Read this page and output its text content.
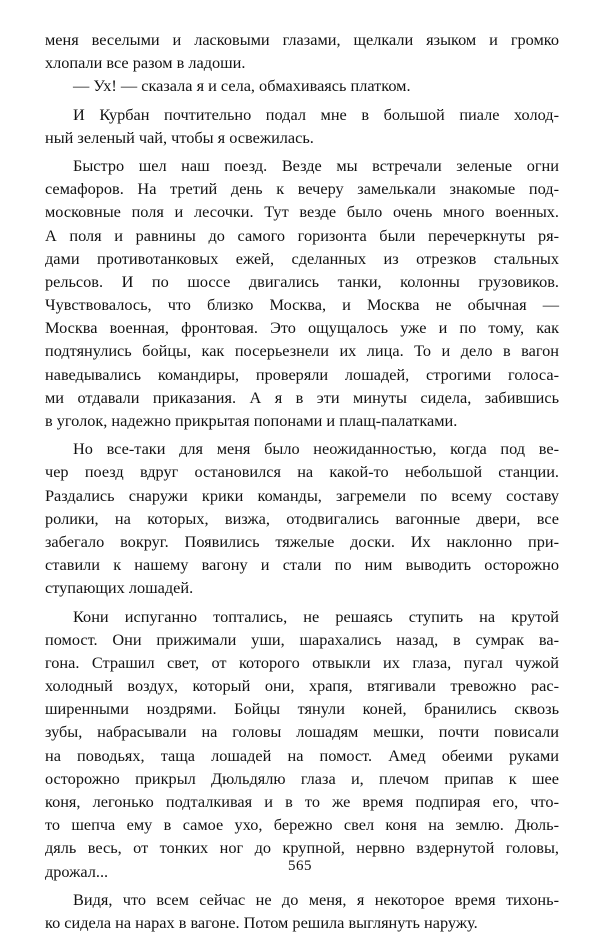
меня веселыми и ласковыми глазами, щелкали языком и громко
хлопали все разом в ладоши.
— Ух! — сказала я и села, обмахиваясь платком.
И Курбан почтительно подал мне в большой пиале холод-
ный зеленый чай, чтобы я освежилась.
Быстро шел наш поезд. Везде мы встречали зеленые огни
семафоров. На третий день к вечеру замелькали знакомые под-
московные поля и лесочки. Тут везде было очень много военных.
А поля и равнины до самого горизонта были перечеркнуты ря-
дами противотанковых ежей, сделанных из отрезков стальных
рельсов. И по шоссе двигались танки, колонны грузовиков.
Чувствовалось, что близко Москва, и Москва не обычная —
Москва военная, фронтовая. Это ощущалось уже и по тому, как
подтянулись бойцы, как посерьезнели их лица. То и дело в вагон
наведывались командиры, проверяли лошадей, строгими голоса-
ми отдавали приказания. А я в эти минуты сидела, забившись
в уголок, надежно прикрытая попонами и плащ-палатками.
Но все-таки для меня было неожиданностью, когда под ве-
чер поезд вдруг остановился на какой-то небольшой станции.
Раздались снаружи крики команды, загремели по всему составу
ролики, на которых, визжа, отодвигались вагонные двери, все
забегало вокруг. Появились тяжелые доски. Их наклонно при-
ставили к нашему вагону и стали по ним выводить осторожно
ступающих лошадей.
Кони испуганно топтались, не решаясь ступить на крутой
помост. Они прижимали уши, шарахались назад, в сумрак ва-
гона. Страшил свет, от которого отвыкли их глаза, пугал чужой
холодный воздух, который они, храпя, втягивали тревожно рас-
ширенными ноздрями. Бойцы тянули коней, бранились сквозь
зубы, набрасывали на головы лошадям мешки, почти повисали
на поводьях, таща лошадей на помост. Амед обеими руками
осторожно прикрыл Дюльдялю глаза и, плечом припав к шее
коня, легонько подталкивая и в то же время подпирая его, что-
то шепча ему в самое ухо, бережно свел коня на землю. Дюль-
дяль весь, от тонких ног до крупной, нервно вздернутой головы,
дрожал...
Видя, что всем сейчас не до меня, я некоторое время тихонь-
ко сидела на нарах в вагоне. Потом решила выглянуть наружу.
565
